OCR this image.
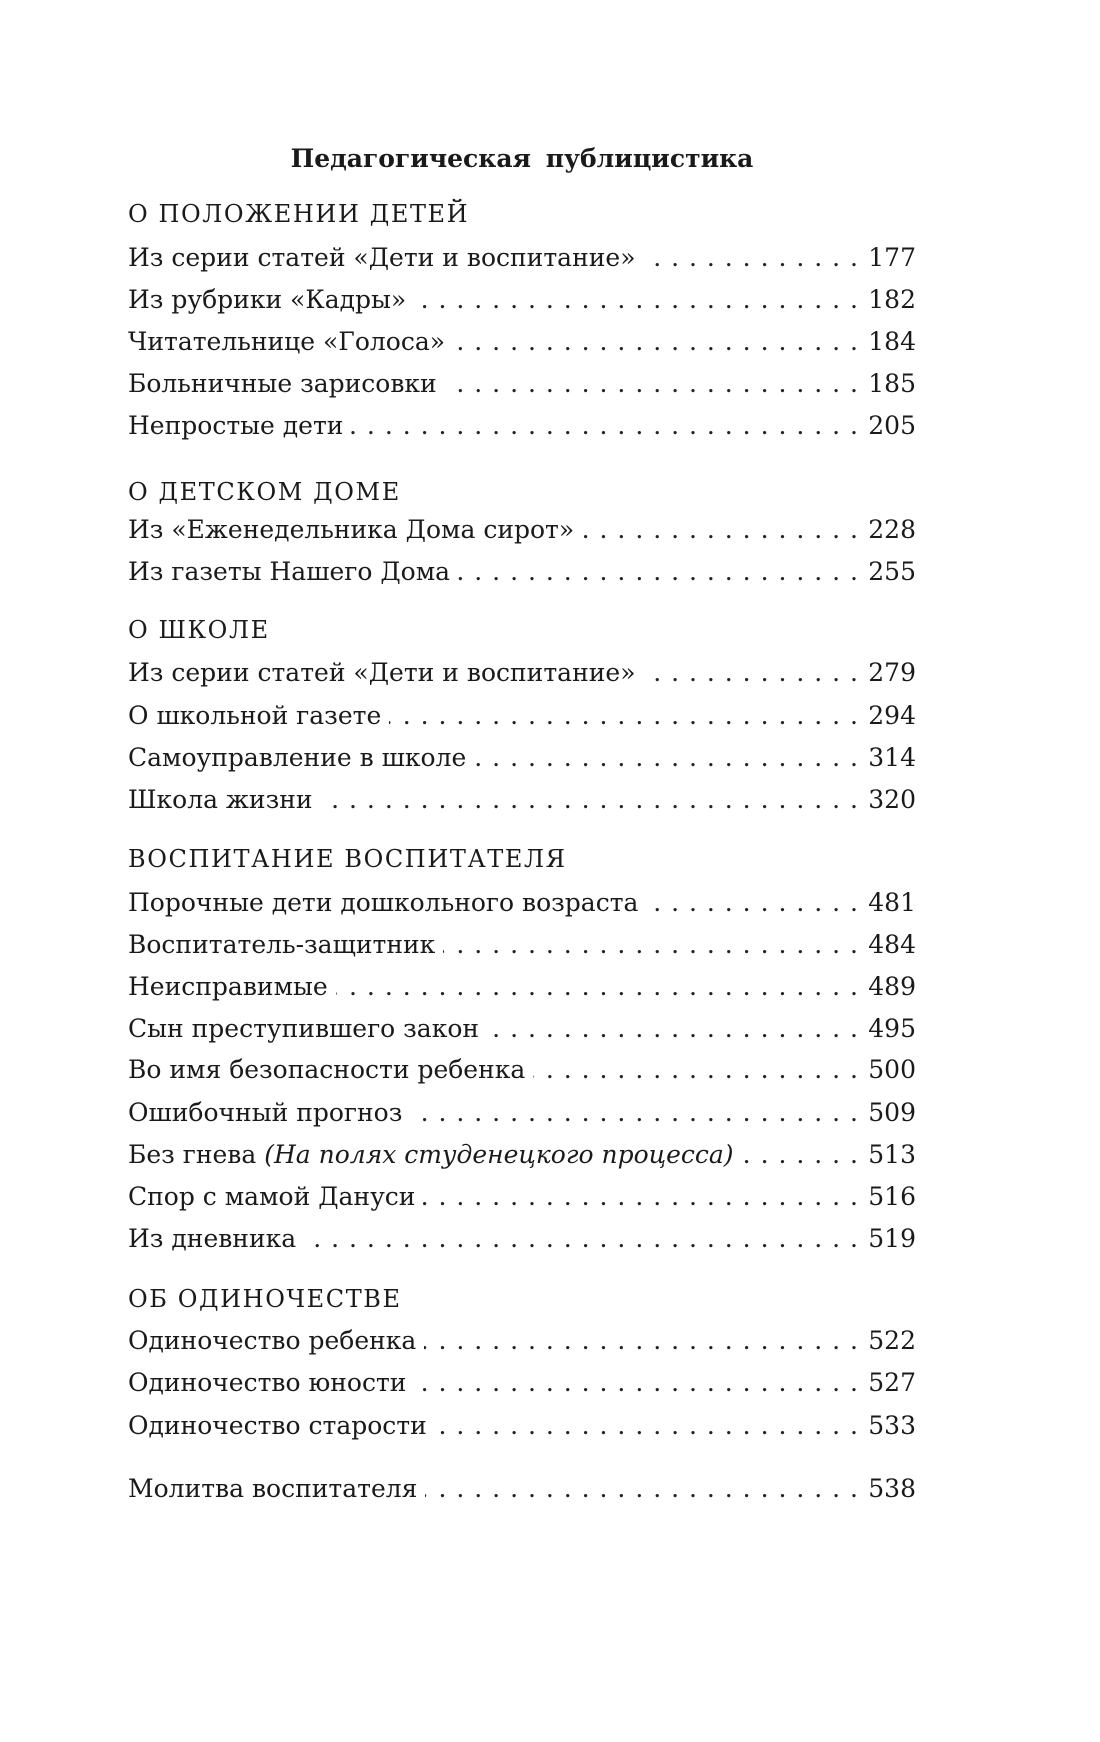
Педагогическая публицистика
О ПОЛОЖЕНИИ ДЕТЕЙ
Из серии статей «Дети и воспитание» . . .	177
Из рубрики «Кадры» . . .	182
Читательнице «Голоса» . . .	184
Больничные зарисовки . . .	185
Непростые дети . . .	205
О ДЕТСКОМ ДОМЕ
Из «Еженедельника Дома сирот» . . .	228
Из газеты Нашего Дома . . .	255
О ШКОЛЕ
Из серии статей «Дети и воспитание» . . .	279
О школьной газете . . .	294
Самоуправление в школе . . .	314
Школа жизни . . .	320
ВОСПИТАНИЕ ВОСПИТАТЕЛЯ
Порочные дети дошкольного возраста . . .	481
Воспитатель-защитник . . .	484
Неисправимые . . .	489
Сын преступившего закон . . .	495
Во имя безопасности ребенка . . .	500
Ошибочный прогноз . . .	509
Без гнева (На полях студенецкого процесса) . . .	513
Спор с мамой Дануси . . .	516
Из дневника . . .	519
ОБ ОДИНОЧЕСТВЕ
Одиночество ребенка . . .	522
Одиночество юности . . .	527
Одиночество старости . . .	533
Молитва воспитателя . . .	538
